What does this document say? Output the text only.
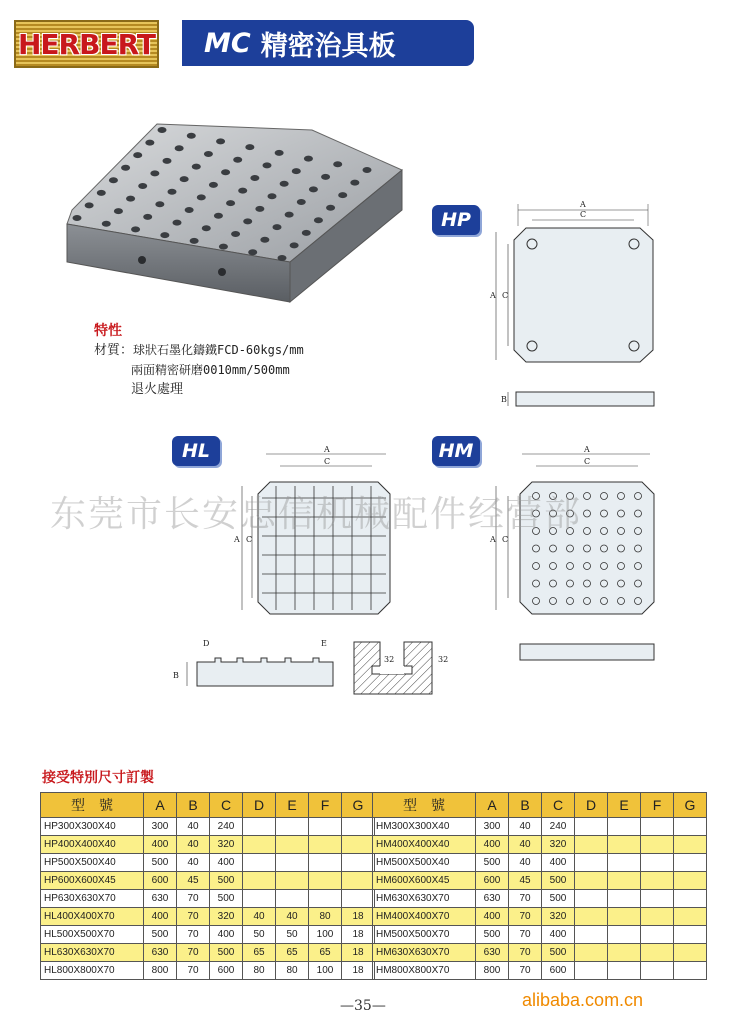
HERBERT MC 精密治具板
特性
材質：球狀石墨化鑄鐵FCD-60kgs/mm
兩面精密研磨0010mm/500mm
退火處理
HP
HL	HM
A
C
A C
B
A
C
A C
D	E
B
32	32
A
C
A C
东莞市长安忠信机械配件经营部
接受特別尺寸訂製
型　號	A	B	C	D	E	F	G
HP300X300X40	300	40	240				
HP400X400X40	400	40	320				
HP500X500X40	500	40	400				
HP600X600X45	600	45	500				
HP630X630X70	630	70	500				
HL400X400X70	400	70	320	40	40	80	18
HL500X500X70	500	70	400	50	50	100	18
HL630X630X70	630	70	500	65	65	65	18
HL800X800X70	800	70	600	80	80	100	18
型　號	A	B	C	D	E	F	G
HM300X300X40	300	40	240				
HM400X400X40	400	40	320				
HM500X500X40	500	40	400				
HM600X600X45	600	45	500				
HM630X630X70	630	70	500				
HM400X400X70	400	70	320				
HM500X500X70	500	70	400				
HM630X630X70	630	70	500				
HM800X800X70	800	70	600				
—35—	alibaba.com.cn
